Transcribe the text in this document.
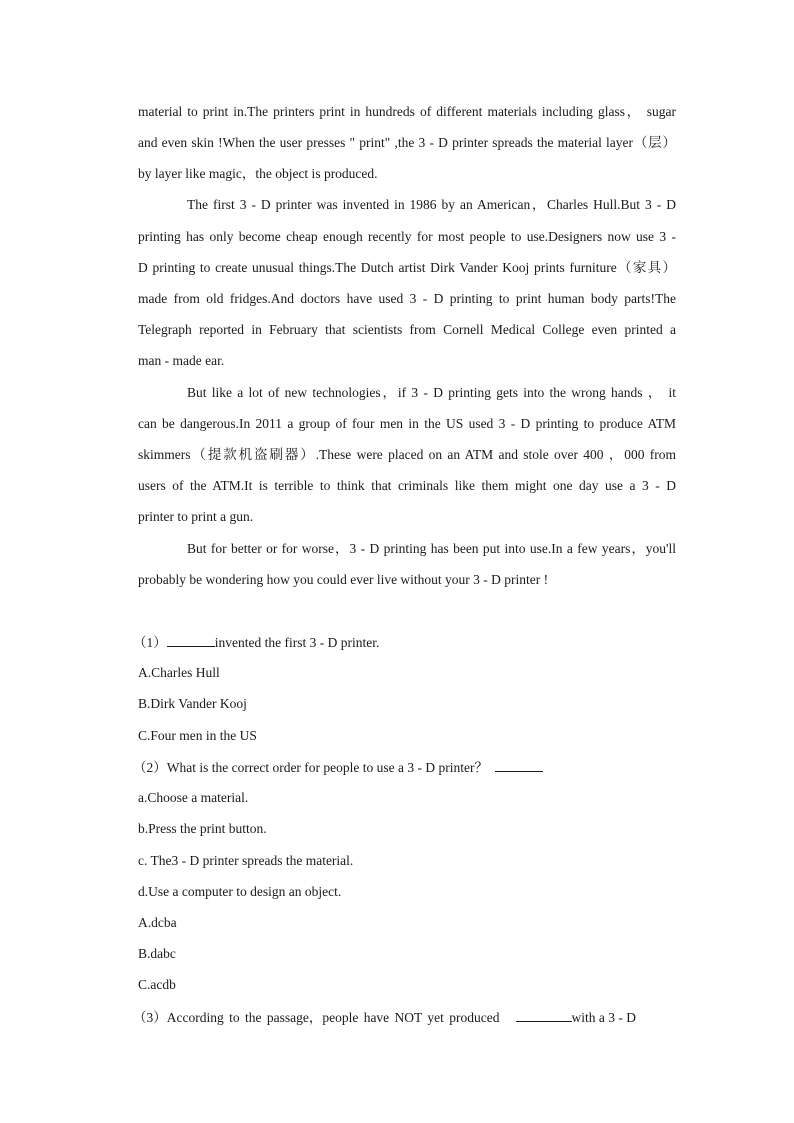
material to print in.The printers print in hundreds of different materials including glass， sugar
and even skin !When the user presses " print" ,the 3 - D printer spreads the material layer（层）
by layer like magic，the object is produced.
The first 3 - D printer was invented in 1986 by an American，Charles Hull.But 3 - D
printing has only become cheap enough recently for most people to use.Designers now use 3 -
D printing to create unusual things.The Dutch artist Dirk Vander Kooj prints furniture（家具）
made from old fridges.And doctors have used 3 - D printing to print human body parts!The
Telegraph reported in February that scientists from Cornell Medical College even printed a
man - made ear.
But like a lot of new technologies，if 3 - D printing gets into the wrong hands ， it
can be dangerous.In 2011 a group of four men in the US used 3 - D printing to produce ATM
skimmers（提款机盗刷器）.These were placed on an ATM and stole over 400 ，000 from
users of the ATM.It is terrible to think that criminals like them might one day use a 3 - D
printer to print a gun.
But for better or for worse，3 - D printing has been put into use.In a few years，you'll
probably be wondering how you could ever live without your 3 - D printer !
（1）	invented the first 3 - D printer.
A.Charles Hull
B.Dirk Vander Kooj
C.Four men in the US
（2）What is the correct order for people to use a 3 - D printer？
a.Choose a material.
b.Press the print button.
c. The3 - D printer spreads the material.
d.Use a computer to design an object.
A.dcba
B.dabc
C.acdb
（3）According to the passage，people have NOT yet produced	with a 3 - D
